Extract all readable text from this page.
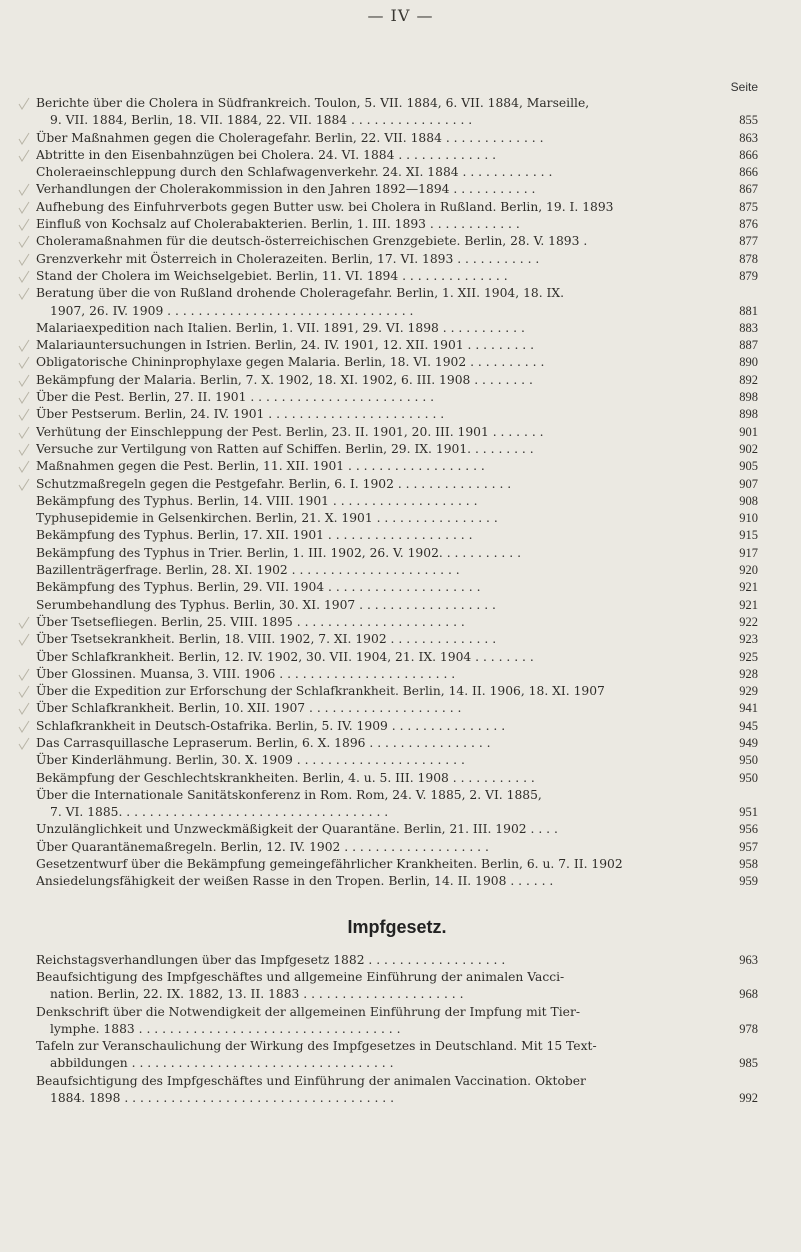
— IV —
Seite
Berichte über die Cholera in Südfrankreich. Toulon, 5. VII. 1884, 6. VII. 1884, Marseille,
9. VII. 1884, Berlin, 18. VII. 1884, 22. VII. 1884 . . . . . . . . . . . . . . . .	855
Über Maßnahmen gegen die Choleragefahr. Berlin, 22. VII. 1884 . . . . . . . . . . . . .	863
Abtritte in den Eisenbahnzügen bei Cholera. 24. VI. 1884 . . . . . . . . . . . . .	866
Choleraeinschleppung durch den Schlafwagenverkehr. 24. XI. 1884 . . . . . . . . . . . .	866
Verhandlungen der Cholerakommission in den Jahren 1892—1894 . . . . . . . . . . .	867
Aufhebung des Einfuhrverbots gegen Butter usw. bei Cholera in Rußland. Berlin, 19. I. 1893	875
Einfluß von Kochsalz auf Cholerabakterien. Berlin, 1. III. 1893 . . . . . . . . . . . .	876
Choleramaßnahmen für die deutsch-österreichischen Grenzgebiete. Berlin, 28. V. 1893 .	877
Grenzverkehr mit Österreich in Cholerazeiten. Berlin, 17. VI. 1893 . . . . . . . . . . .	878
Stand der Cholera im Weichselgebiet. Berlin, 11. VI. 1894 . . . . . . . . . . . . . .	879
Beratung über die von Rußland drohende Choleragefahr. Berlin, 1. XII. 1904, 18. IX.
1907, 26. IV. 1909 . . . . . . . . . . . . . . . . . . . . . . . . . . . . . . . .	881
Malariaexpedition nach Italien. Berlin, 1. VII. 1891, 29. VI. 1898 . . . . . . . . . . .	883
Malariauntersuchungen in Istrien. Berlin, 24. IV. 1901, 12. XII. 1901 . . . . . . . . .	887
Obligatorische Chininprophylaxe gegen Malaria. Berlin, 18. VI. 1902 . . . . . . . . . .	890
Bekämpfung der Malaria. Berlin, 7. X. 1902, 18. XI. 1902, 6. III. 1908 . . . . . . . .	892
Über die Pest. Berlin, 27. II. 1901 . . . . . . . . . . . . . . . . . . . . . . . .	898
Über Pestserum. Berlin, 24. IV. 1901 . . . . . . . . . . . . . . . . . . . . . . .	898
Verhütung der Einschleppung der Pest. Berlin, 23. II. 1901, 20. III. 1901 . . . . . . .	901
Versuche zur Vertilgung von Ratten auf Schiffen. Berlin, 29. IX. 1901. . . . . . . . .	902
Maßnahmen gegen die Pest. Berlin, 11. XII. 1901 . . . . . . . . . . . . . . . . . .	905
Schutzmaßregeln gegen die Pestgefahr. Berlin, 6. I. 1902 . . . . . . . . . . . . . . .	907
Bekämpfung des Typhus. Berlin, 14. VIII. 1901 . . . . . . . . . . . . . . . . . . .	908
Typhusepidemie in Gelsenkirchen. Berlin, 21. X. 1901 . . . . . . . . . . . . . . . .	910
Bekämpfung des Typhus. Berlin, 17. XII. 1901 . . . . . . . . . . . . . . . . . . .	915
Bekämpfung des Typhus in Trier. Berlin, 1. III. 1902, 26. V. 1902. . . . . . . . . . .	917
Bazillenträgerfrage. Berlin, 28. XI. 1902 . . . . . . . . . . . . . . . . . . . . . .	920
Bekämpfung des Typhus. Berlin, 29. VII. 1904 . . . . . . . . . . . . . . . . . . . .	921
Serumbehandlung des Typhus. Berlin, 30. XI. 1907 . . . . . . . . . . . . . . . . . .	921
Über Tsetsefliegen. Berlin, 25. VIII. 1895 . . . . . . . . . . . . . . . . . . . . . .	922
Über Tsetsekrankheit. Berlin, 18. VIII. 1902, 7. XI. 1902 . . . . . . . . . . . . . .	923
Über Schlafkrankheit. Berlin, 12. IV. 1902, 30. VII. 1904, 21. IX. 1904 . . . . . . . .	925
Über Glossinen. Muansa, 3. VIII. 1906 . . . . . . . . . . . . . . . . . . . . . . .	928
Über die Expedition zur Erforschung der Schlafkrankheit. Berlin, 14. II. 1906, 18. XI. 1907	929
Über Schlafkrankheit. Berlin, 10. XII. 1907 . . . . . . . . . . . . . . . . . . . .	941
Schlafkrankheit in Deutsch-Ostafrika. Berlin, 5. IV. 1909 . . . . . . . . . . . . . . .	945
Das Carrasquillasche Lepraserum. Berlin, 6. X. 1896 . . . . . . . . . . . . . . . .	949
Über Kinderlähmung. Berlin, 30. X. 1909 . . . . . . . . . . . . . . . . . . . . . .	950
Bekämpfung der Geschlechtskrankheiten. Berlin, 4. u. 5. III. 1908 . . . . . . . . . . .	950
Über die Internationale Sanitätskonferenz in Rom. Rom, 24. V. 1885, 2. VI. 1885,
7. VI. 1885. . . . . . . . . . . . . . . . . . . . . . . . . . . . . . . . . . .	951
Unzulänglichkeit und Unzweckmäßigkeit der Quarantäne. Berlin, 21. III. 1902 . . . .	956
Über Quarantänemaßregeln. Berlin, 12. IV. 1902 . . . . . . . . . . . . . . . . . . .	957
Gesetzentwurf über die Bekämpfung gemeingefährlicher Krankheiten. Berlin, 6. u. 7. II. 1902	958
Ansiedelungsfähigkeit der weißen Rasse in den Tropen. Berlin, 14. II. 1908 . . . . . .	959
Impfgesetz.
Reichstagsverhandlungen über das Impfgesetz 1882 . . . . . . . . . . . . . . . . . .	963
Beaufsichtigung des Impfgeschäftes und allgemeine Einführung der animalen Vacci-
nation. Berlin, 22. IX. 1882, 13. II. 1883 . . . . . . . . . . . . . . . . . . . . .	968
Denkschrift über die Notwendigkeit der allgemeinen Einführung der Impfung mit Tier-
lymphe. 1883 . . . . . . . . . . . . . . . . . . . . . . . . . . . . . . . . . .	978
Tafeln zur Veranschaulichung der Wirkung des Impfgesetzes in Deutschland. Mit 15 Text-
abbildungen . . . . . . . . . . . . . . . . . . . . . . . . . . . . . . . . . .	985
Beaufsichtigung des Impfgeschäftes und Einführung der animalen Vaccination. Oktober
1884. 1898 . . . . . . . . . . . . . . . . . . . . . . . . . . . . . . . . . . .	992
